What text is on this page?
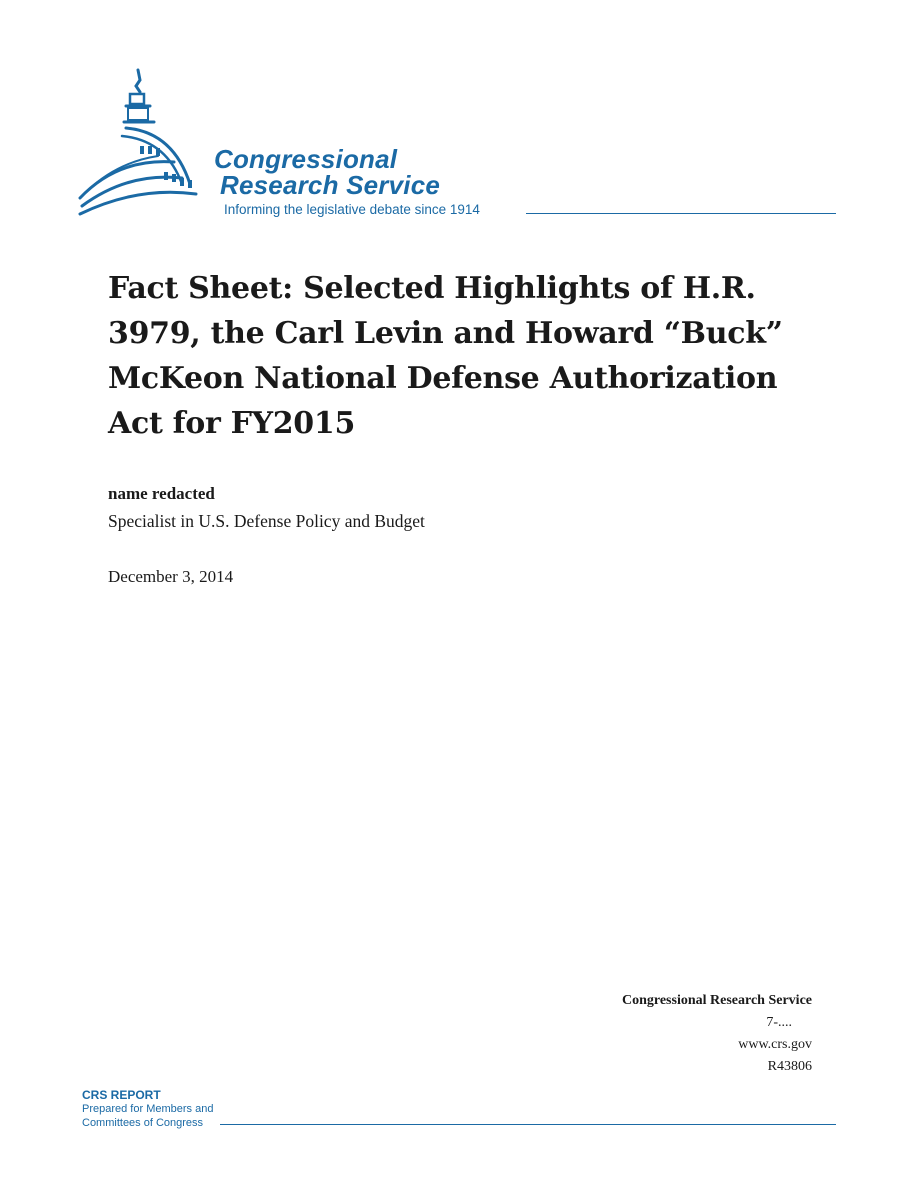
Congressional
Research Service
Informing the legislative debate since 1914
Fact Sheet: Selected Highlights of H.R. 3979, the Carl Levin and Howard “Buck” McKeon National Defense Authorization Act for FY2015
name redacted
Specialist in U.S. Defense Policy and Budget
December 3, 2014
Congressional Research Service
7-....
www.crs.gov
R43806
CRS REPORT
Prepared for Members and
Committees of Congress
